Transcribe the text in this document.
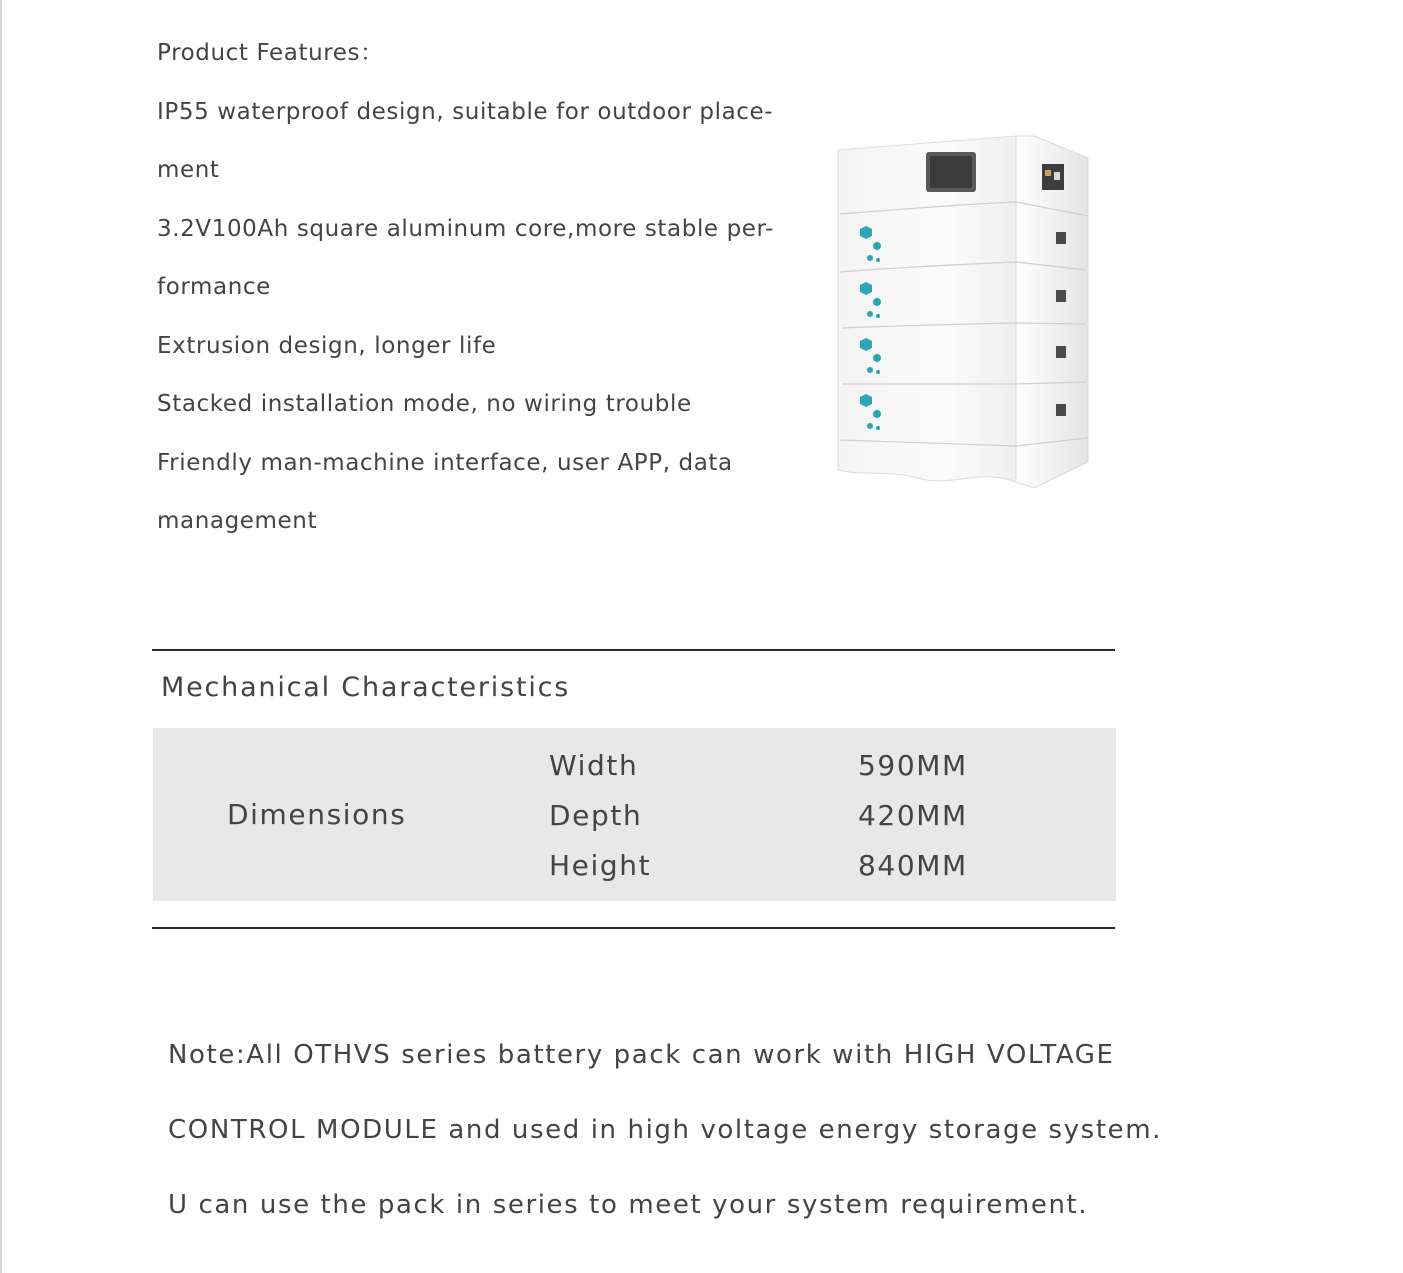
Product Features：
IP55 waterproof design, suitable for outdoor place-
ment
3.2V100Ah square aluminum core,more stable per-
formance
Extrusion design, longer life
Stacked installation mode, no wiring trouble
Friendly man-machine interface, user APP, data
management
Mechanical Characteristics
Dimensions
Width	590MM
Depth	420MM
Height	840MM
Note:All OTHVS series battery pack can work with HIGH VOLTAGE
CONTROL MODULE and used in high voltage energy storage system.
U can use the pack in series to meet your system requirement.
